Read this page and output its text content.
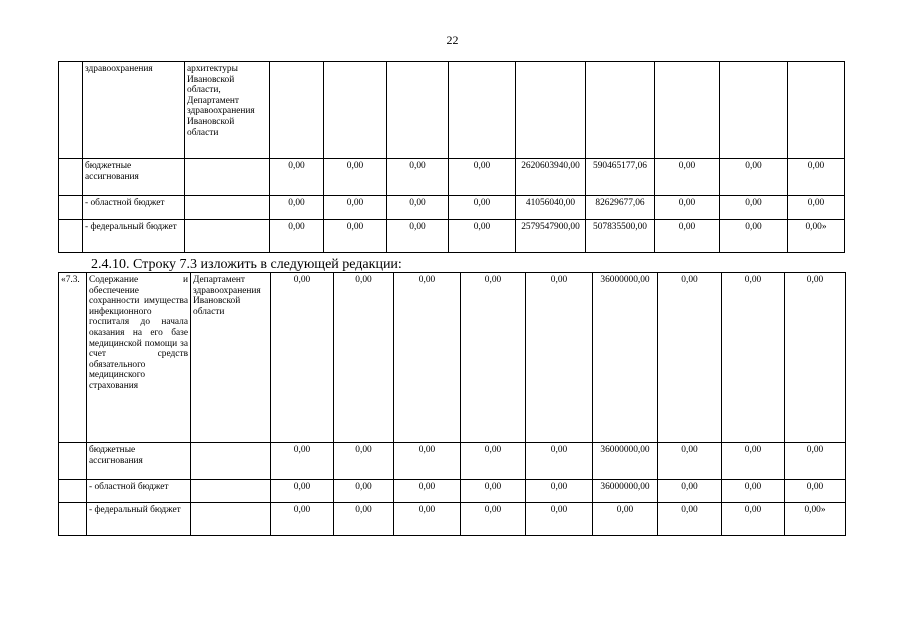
22
	здравоохранения	архитектуры Ивановской области, Департамент здравоохранения Ивановской области									
	бюджетные ассигнования		0,00	0,00	0,00	0,00	2620603940,00	590465177,06	0,00	0,00	0,00
	- областной бюджет		0,00	0,00	0,00	0,00	41056040,00	82629677,06	0,00	0,00	0,00
	- федеральный бюджет		0,00	0,00	0,00	0,00	2579547900,00	507835500,00	0,00	0,00	0,00»
2.4.10. Строку 7.3 изложить в следующей редакции:
«7.3.	Содержание и обеспечение сохранности имущества инфекционного госпиталя до начала оказания на его базе медицинской помощи за счет средств обязательного медицинского страхования	Департамент здравоохранения Ивановской области	0,00	0,00	0,00	0,00	0,00	36000000,00	0,00	0,00	0,00
	бюджетные ассигнования		0,00	0,00	0,00	0,00	0,00	36000000,00	0,00	0,00	0,00
	- областной бюджет		0,00	0,00	0,00	0,00	0,00	36000000,00	0,00	0,00	0,00
	- федеральный бюджет		0,00	0,00	0,00	0,00	0,00	0,00	0,00	0,00	0,00»
